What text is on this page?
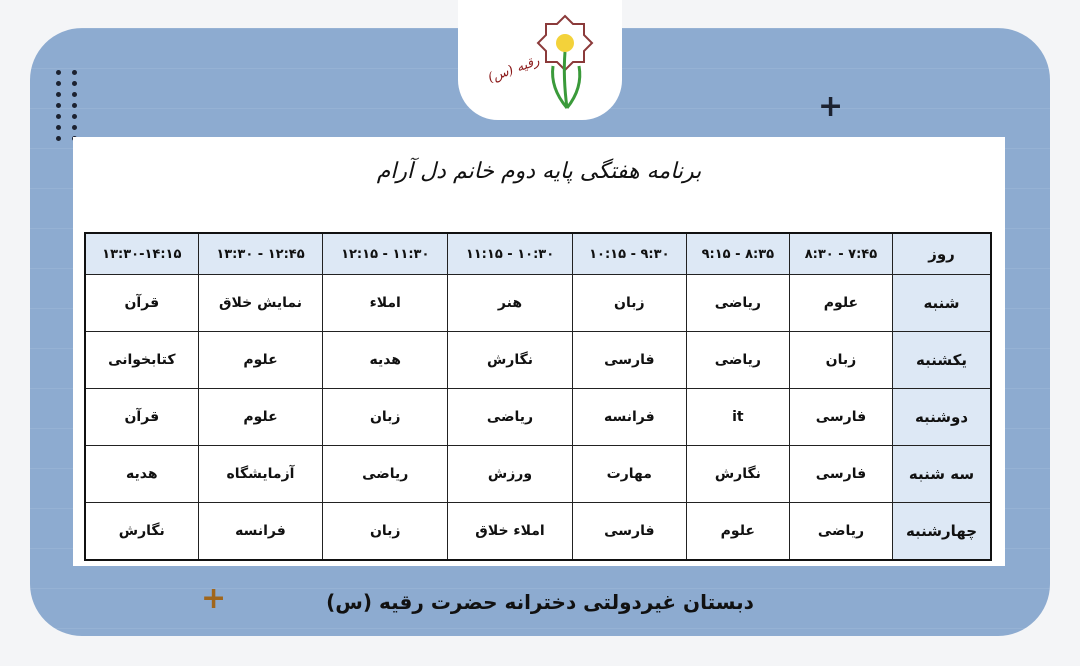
+
+
رقیه (س)
برنامه هفتگی پایه دوم خانم دل آرام
روز	۷:۴۵ - ۸:۳۰	۸:۳۵ - ۹:۱۵	۹:۳۰ - ۱۰:۱۵	۱۰:۳۰ - ۱۱:۱۵	۱۱:۳۰ - ۱۲:۱۵	۱۲:۴۵ - ۱۳:۳۰	۱۳:۳۰-۱۴:۱۵
شنبه	علوم	ریاضی	زبان	هنر	املاء	نمایش خلاق	قرآن
یکشنبه	زبان	ریاضی	فارسی	نگارش	هدیه	علوم	کتابخوانی
دوشنبه	فارسی	it	فرانسه	ریاضی	زبان	علوم	قرآن
سه شنبه	فارسی	نگارش	مهارت	ورزش	ریاضی	آزمایشگاه	هدیه
چهارشنبه	ریاضی	علوم	فارسی	املاء خلاق	زبان	فرانسه	نگارش
دبستان غیردولتی دخترانه حضرت رقیه (س)
